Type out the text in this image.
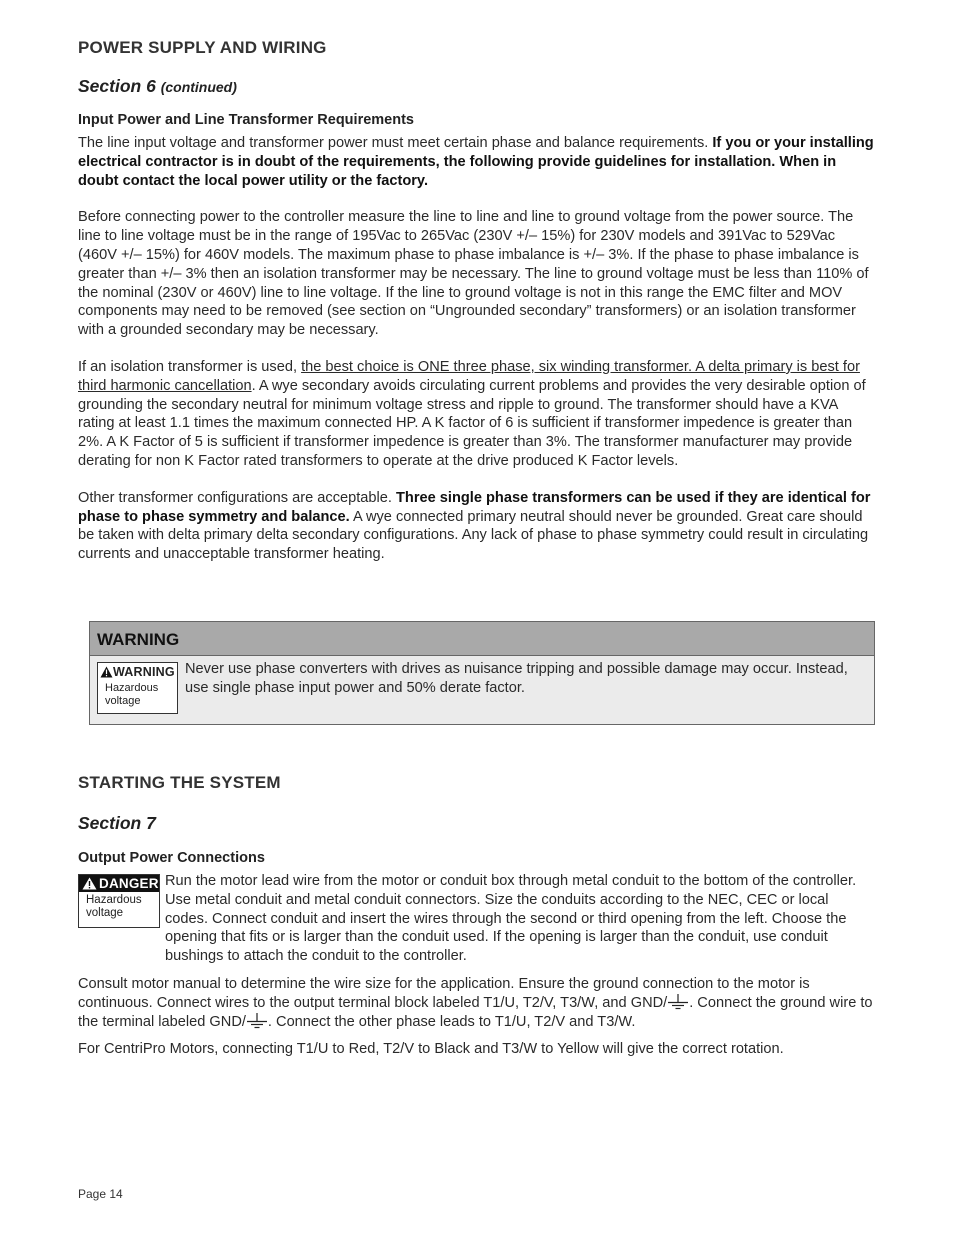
POWER SUPPLY AND WIRING
Section 6 (continued)
Input Power and Line Transformer Requirements

The line input voltage and transformer power must meet certain phase and balance requirements. If you or your installing electrical contractor is in doubt of the requirements, the following provide guidelines for installation. When in doubt contact the local power utility or the factory.

Before connecting power to the controller measure the line to line and line to ground voltage from the power source. The line to line voltage must be in the range of 195Vac to 265Vac (230V +/– 15%) for 230V models and 391Vac to 529Vac (460V +/– 15%) for 460V models. The maximum phase to phase imbalance is +/– 3%. If the phase to phase imbalance is greater than +/– 3% then an isolation transformer may be necessary. The line to ground voltage must be less than 110% of the nominal (230V or 460V) line to line voltage. If the line to ground voltage is not in this range the EMC filter and MOV components may need to be removed (see section on “Ungrounded secondary” transformers) or an isolation transformer with a grounded secondary may be necessary.

If an isolation transformer is used, the best choice is ONE three phase, six winding transformer. A delta primary is best for third harmonic cancellation. A wye secondary avoids circulating current problems and provides the very desirable option of grounding the secondary neutral for minimum voltage stress and ripple to ground. The transformer should have a KVA rating at least 1.1 times the maximum connected HP. A K factor of 6 is sufficient if transformer impedence is greater than 2%. A K Factor of 5 is sufficient if transformer impedence is greater than 3%. The transformer manufacturer may provide derating for non K Factor rated transformers to operate at the drive produced K Factor levels.

Other transformer configurations are acceptable. Three single phase transformers can be used if they are identical for phase to phase symmetry and balance. A wye connected primary neutral should never be grounded. Great care should be taken with delta primary delta secondary configurations. Any lack of phase to phase symmetry could result in circulating currents and unacceptable transformer heating.

WARNING
WARNING
Hazardous voltage

Never use phase converters with drives as nuisance tripping and possible damage may occur. Instead, use single phase input power and 50% derate factor.

STARTING THE SYSTEM
Section 7
Output Power Connections
DANGER
Hazardous voltage

Run the motor lead wire from the motor or conduit box through metal conduit to the bottom of the controller. Use metal conduit and metal conduit connectors. Size the conduits according to the NEC, CEC or local codes. Connect conduit and insert the wires through the second or third opening from the left. Choose the opening that fits or is larger than the conduit used. If the opening is larger than the conduit, use conduit bushings to attach the conduit to the controller.

Consult motor manual to determine the wire size for the application. Ensure the ground connection to the motor is continuous. Connect wires to the output terminal block labeled T1/U, T2/V, T3/W, and GND/ . Connect the ground wire to the terminal labeled GND/ . Connect the other phase leads to T1/U, T2/V and T3/W.

For CentriPro Motors, connecting T1/U to Red, T2/V to Black and T3/W to Yellow will give the correct rotation.

Page 14
